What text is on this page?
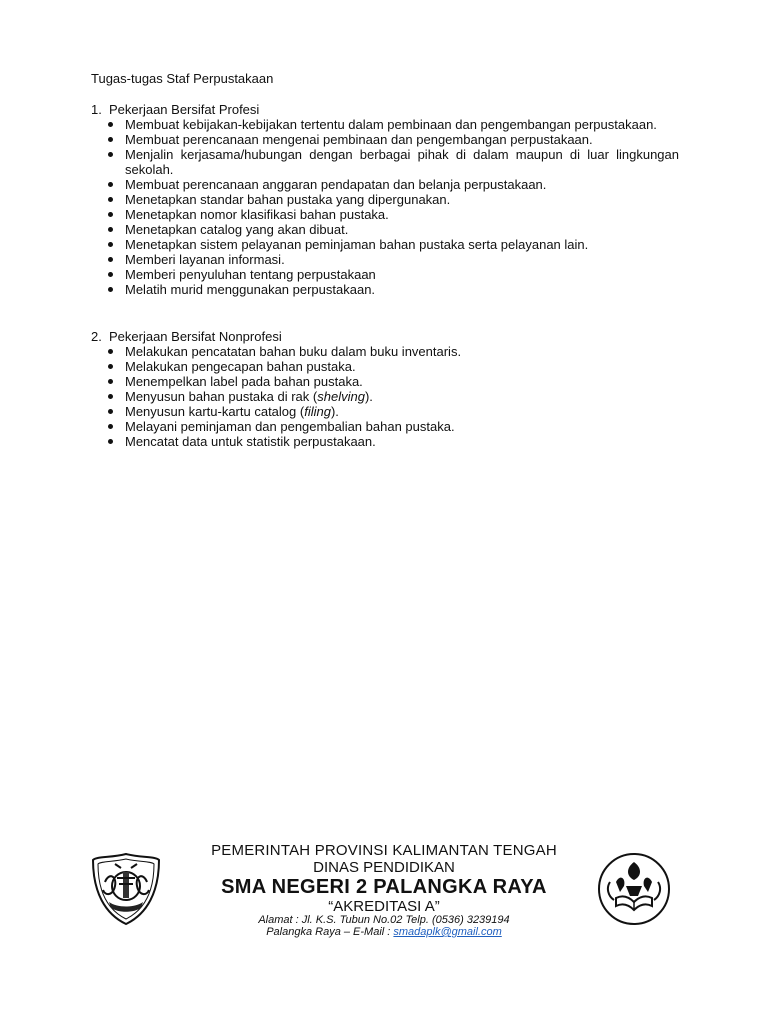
Tugas-tugas Staf Perpustakaan
1. Pekerjaan Bersifat Profesi
Membuat kebijakan-kebijakan tertentu dalam pembinaan dan pengembangan perpustakaan.
Membuat perencanaan mengenai pembinaan dan pengembangan perpustakaan.
Menjalin kerjasama/hubungan dengan berbagai pihak di dalam maupun di luar lingkungan sekolah.
Membuat perencanaan anggaran pendapatan dan belanja perpustakaan.
Menetapkan standar bahan pustaka yang dipergunakan.
Menetapkan nomor klasifikasi bahan pustaka.
Menetapkan catalog yang akan dibuat.
Menetapkan sistem pelayanan peminjaman bahan pustaka serta pelayanan lain.
Memberi layanan informasi.
Memberi penyuluhan tentang perpustakaan
Melatih murid menggunakan perpustakaan.
2. Pekerjaan Bersifat Nonprofesi
Melakukan pencatatan bahan buku dalam buku inventaris.
Melakukan pengecapan bahan pustaka.
Menempelkan label pada bahan pustaka.
Menyusun bahan pustaka di rak (shelving).
Menyusun kartu-kartu catalog (filing).
Melayani peminjaman dan pengembalian bahan pustaka.
Mencatat data untuk statistik perpustakaan.
PEMERINTAH PROVINSI KALIMANTAN TENGAH
DINAS PENDIDIKAN
SMA NEGERI 2 PALANGKA RAYA
“AKREDITASI A”
Alamat : Jl. K.S. Tubun No.02 Telp. (0536) 3239194
Palangka Raya – E-Mail : smadaplk@gmail.com
